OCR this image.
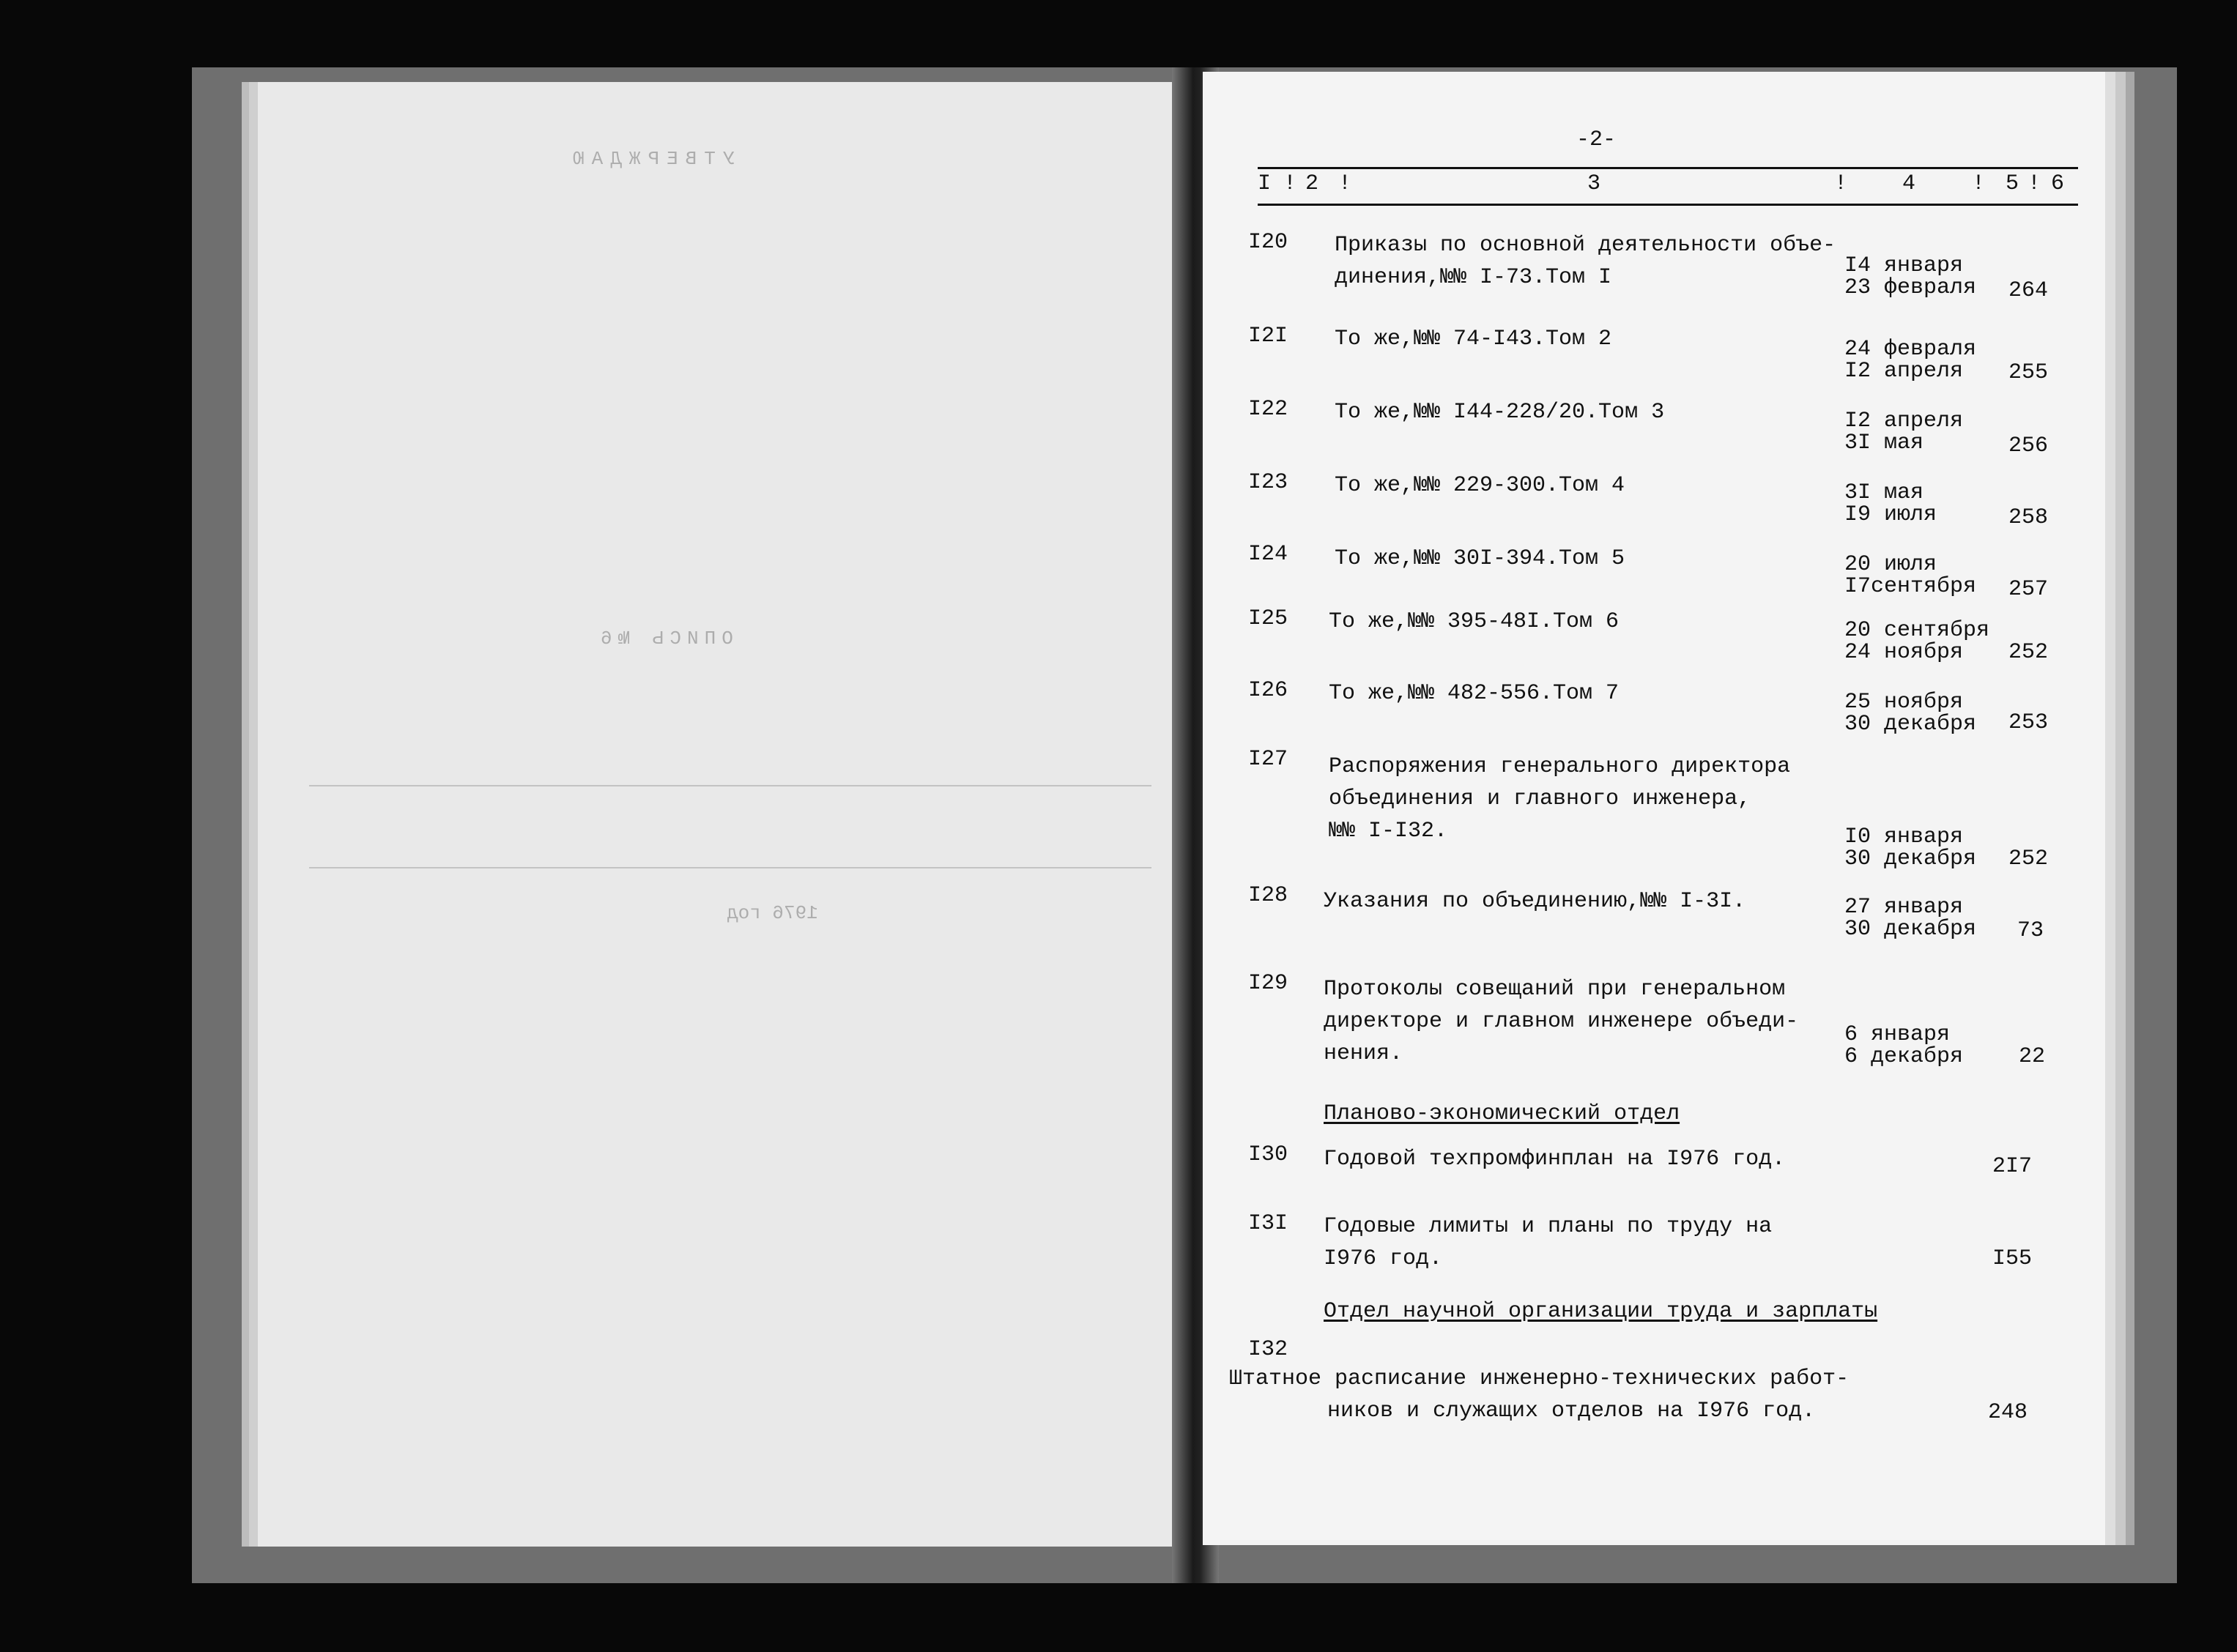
УТВЕРЖДАЮ
ОПИСЬ №6
1976 год
-2-
I ! 2 !	3	! 4	! 5 ! 6
I20 Приказы по основной деятельности объе-
динения,№№ I-73.Том I	I4 января
23 февраля 264
I2I То же,№№ 74-I43.Том 2	24 февраля
I2 апреля 255
I22 То же,№№ I44-228/20.Том 3	I2 апреля
3I мая	256
I23 То же,№№ 229-300.Том 4	3I мая
I9 июля	258
I24 То же,№№ 30I-394.Том 5	20 июля
I7сентября 257
I25 То же,№№ 395-48I.Том 6	20 сентября
24 ноября 252
I26 То же,№№ 482-556.Том 7	25 ноября
30 декабря 253
I27 Распоряжения генерального директора
объединения и главного инженера,
№№ I-I32.	I0 января
30 декабря 252
I28 Указания по объединению,№№ I-3I.	27 января
30 декабря 73
I29 Протоколы совещаний при генеральном
директоре и главном инженере объеди-
нения.
6 января
6 декабря	22
Планово-экономический отдел
I30 Годовой техпромфинплан на I976 год.	2I7
I3I Годовые лимиты и планы по труду на
I976 год.	I55
Отдел научной организации труда и зарплаты
I32
Штатное расписание инженерно-технических работ-
ников и служащих отделов на I976 год.	248
